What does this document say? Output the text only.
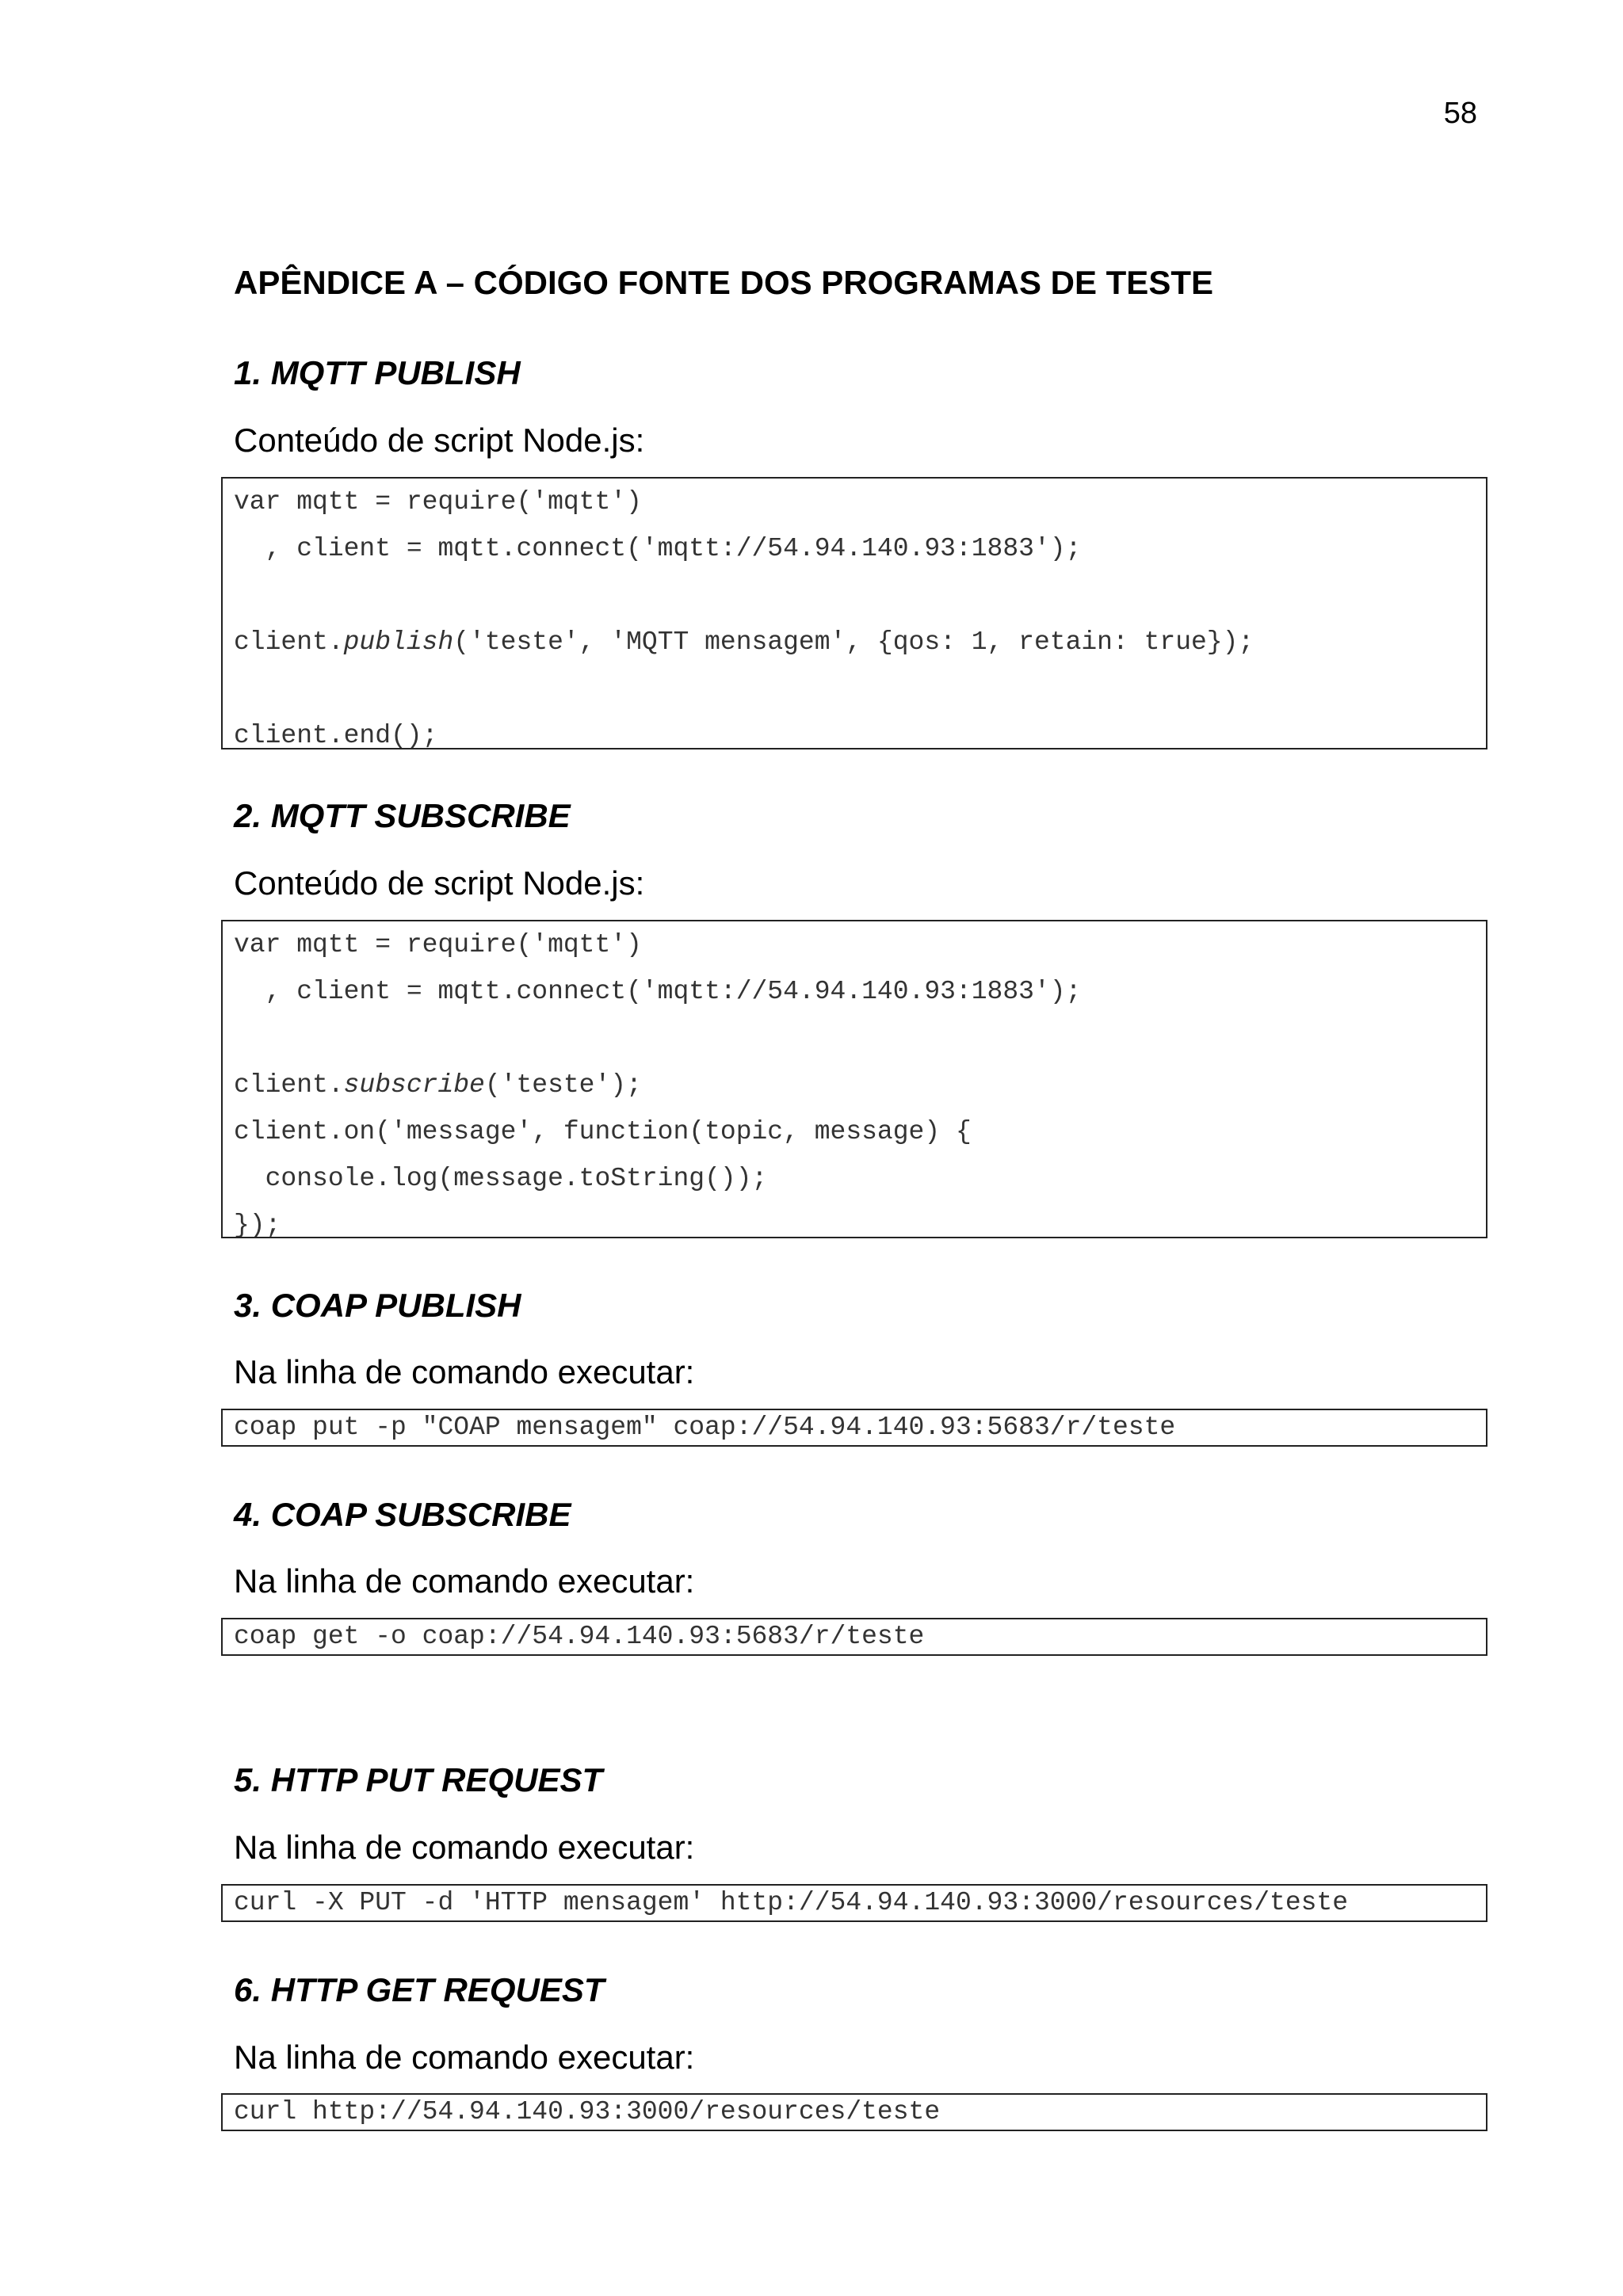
58
APÊNDICE A – CÓDIGO FONTE DOS PROGRAMAS DE TESTE
1. MQTT PUBLISH

Conteúdo de script Node.js:

var mqtt = require('mqtt')
, client = mqtt.connect('mqtt://54.94.140.93:1883');
client.publish('teste', 'MQTT mensagem', {qos: 1, retain: true});
client.end();
2. MQTT SUBSCRIBE

Conteúdo de script Node.js:

var mqtt = require('mqtt')
, client = mqtt.connect('mqtt://54.94.140.93:1883');
client.subscribe('teste');
client.on('message', function(topic, message) {
console.log(message.toString());
});
3. COAP PUBLISH

Na linha de comando executar:

coap put -p "COAP mensagem" coap://54.94.140.93:5683/r/teste
4. COAP SUBSCRIBE

Na linha de comando executar:

coap get -o coap://54.94.140.93:5683/r/teste
5. HTTP PUT REQUEST

Na linha de comando executar:

curl -X PUT -d 'HTTP mensagem' http://54.94.140.93:3000/resources/teste
6. HTTP GET REQUEST

Na linha de comando executar:

curl http://54.94.140.93:3000/resources/teste
